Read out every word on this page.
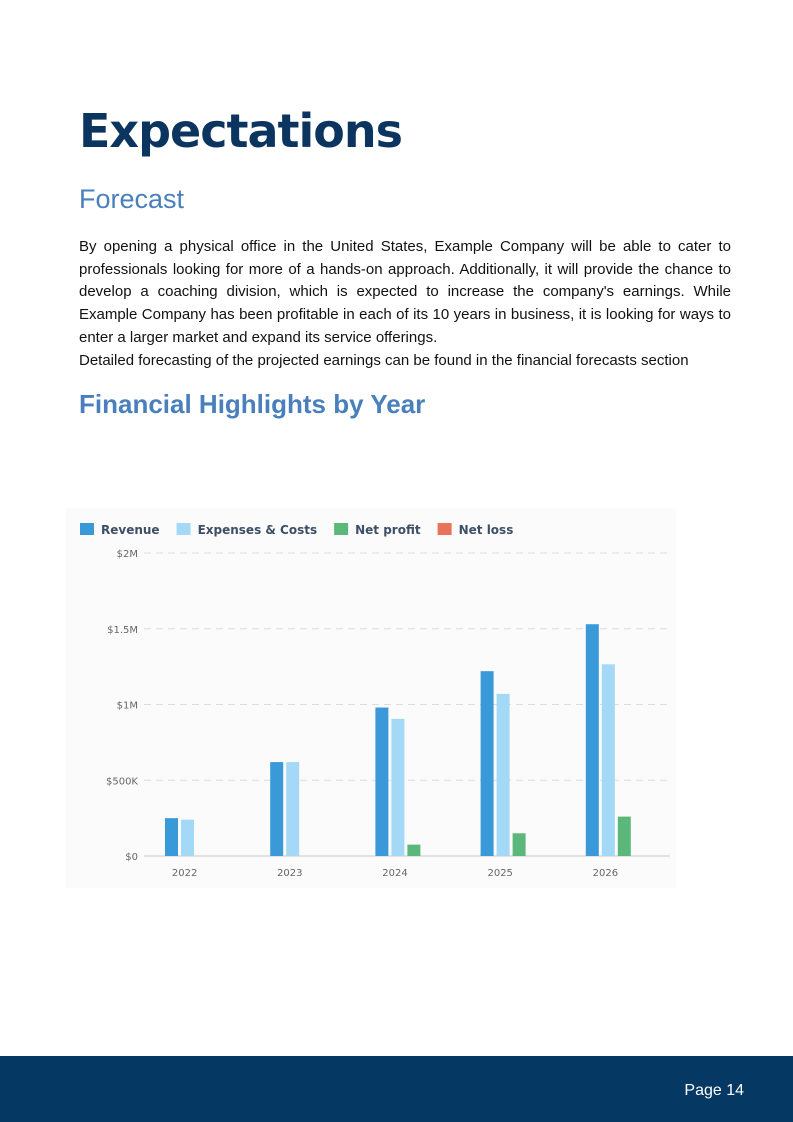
Expectations
Forecast

By opening a physical office in the United States, Example Company will be able to cater to professionals looking for more of a hands-on approach. Additionally, it will provide the chance to develop a coaching division, which is expected to increase the company's earnings. While Example Company has been profitable in each of its 10 years in business, it is looking for ways to enter a larger market and expand its service offerings.

Detailed forecasting of the projected earnings can be found in the financial forecasts section

Financial Highlights by Year
Revenue	Expenses & Costs	Net profit	Net loss
$0
$500K
$1M
$1.5M
$2M
2022	2023	2024	2025	2026
Page 14
